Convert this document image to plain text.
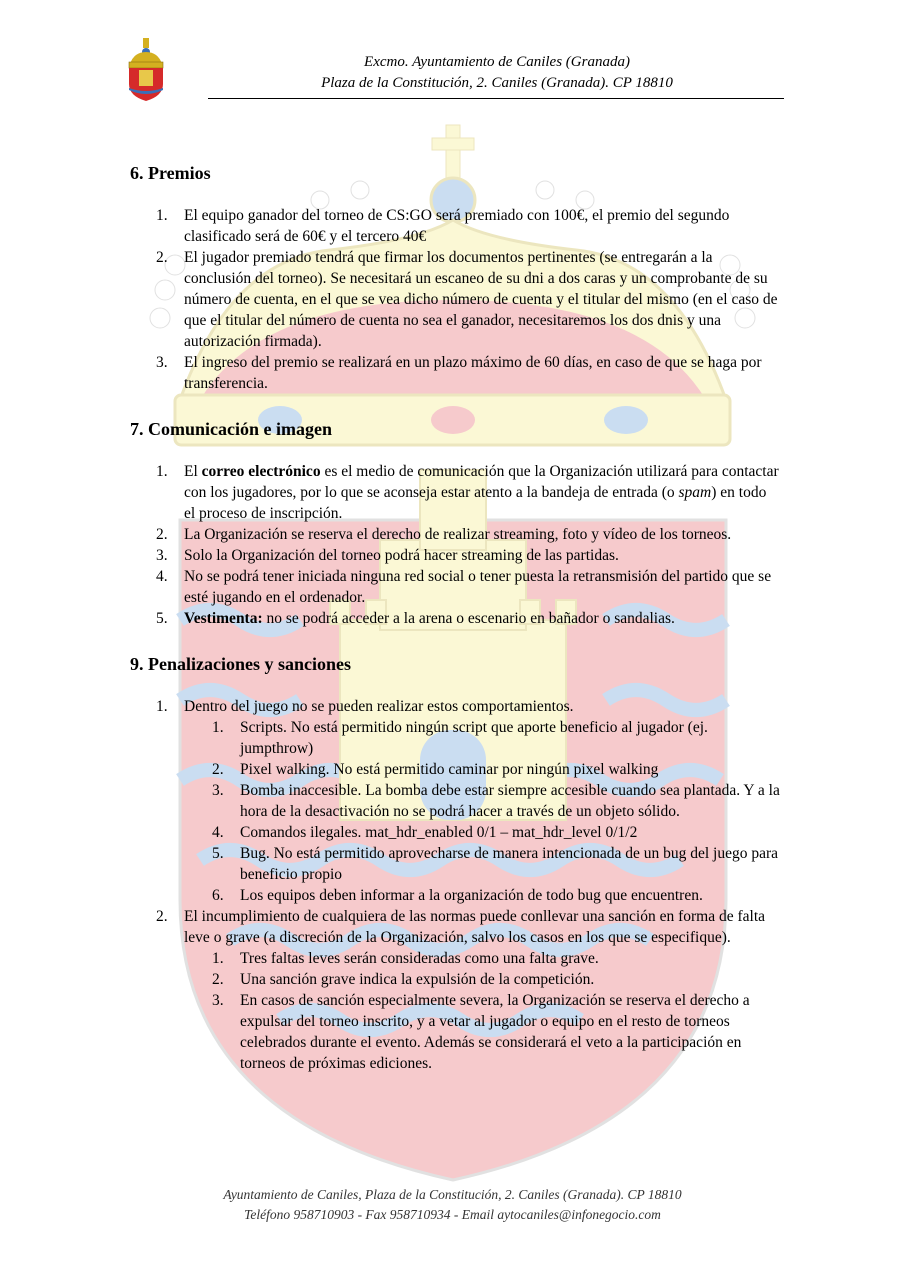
Excmo. Ayuntamiento de Caniles (Granada)
Plaza de la Constitución, 2. Caniles (Granada). CP 18810
6. Premios
1. El equipo ganador del torneo de CS:GO será premiado con 100€, el premio del segundo clasificado será de 60€ y el tercero 40€
2. El jugador premiado tendrá que firmar los documentos pertinentes (se entregarán a la conclusión del torneo). Se necesitará un escaneo de su dni a dos caras y un comprobante de su número de cuenta, en el que se vea dicho número de cuenta y el titular del mismo (en el caso de que el titular del número de cuenta no sea el ganador, necesitaremos los dos dnis y una autorización firmada).
3. El ingreso del premio se realizará en un plazo máximo de 60 días, en caso de que se haga por transferencia.
7. Comunicación e imagen
1. El correo electrónico es el medio de comunicación que la Organización utilizará para contactar con los jugadores, por lo que se aconseja estar atento a la bandeja de entrada (o spam) en todo el proceso de inscripción.
2. La Organización se reserva el derecho de realizar streaming, foto y vídeo de los torneos.
3. Solo la Organización del torneo podrá hacer streaming de las partidas.
4. No se podrá tener iniciada ninguna red social o tener puesta la retransmisión del partido que se esté jugando en el ordenador.
5. Vestimenta: no se podrá acceder a la arena o escenario en bañador o sandalias.
9. Penalizaciones y sanciones
1. Dentro del juego no se pueden realizar estos comportamientos.
1. Scripts. No está permitido ningún script que aporte beneficio al jugador (ej. jumpthrow)
2. Pixel walking. No está permitido caminar por ningún pixel walking
3. Bomba inaccesible. La bomba debe estar siempre accesible cuando sea plantada. Y a la hora de la desactivación no se podrá hacer a través de un objeto sólido.
4. Comandos ilegales. mat_hdr_enabled 0/1 – mat_hdr_level 0/1/2
5. Bug. No está permitido aprovecharse de manera intencionada de un bug del juego para beneficio propio
6. Los equipos deben informar a la organización de todo bug que encuentren.
2. El incumplimiento de cualquiera de las normas puede conllevar una sanción en forma de falta leve o grave (a discreción de la Organización, salvo los casos en los que se especifique).
1. Tres faltas leves serán consideradas como una falta grave.
2. Una sanción grave indica la expulsión de la competición.
3. En casos de sanción especialmente severa, la Organización se reserva el derecho a expulsar del torneo inscrito, y a vetar al jugador o equipo en el resto de torneos celebrados durante el evento. Además se considerará el veto a la participación en torneos de próximas ediciones.
Ayuntamiento de Caniles, Plaza de la Constitución, 2. Caniles (Granada). CP 18810
Teléfono 958710903 - Fax 958710934 - Email aytocaniles@infonegocio.com
